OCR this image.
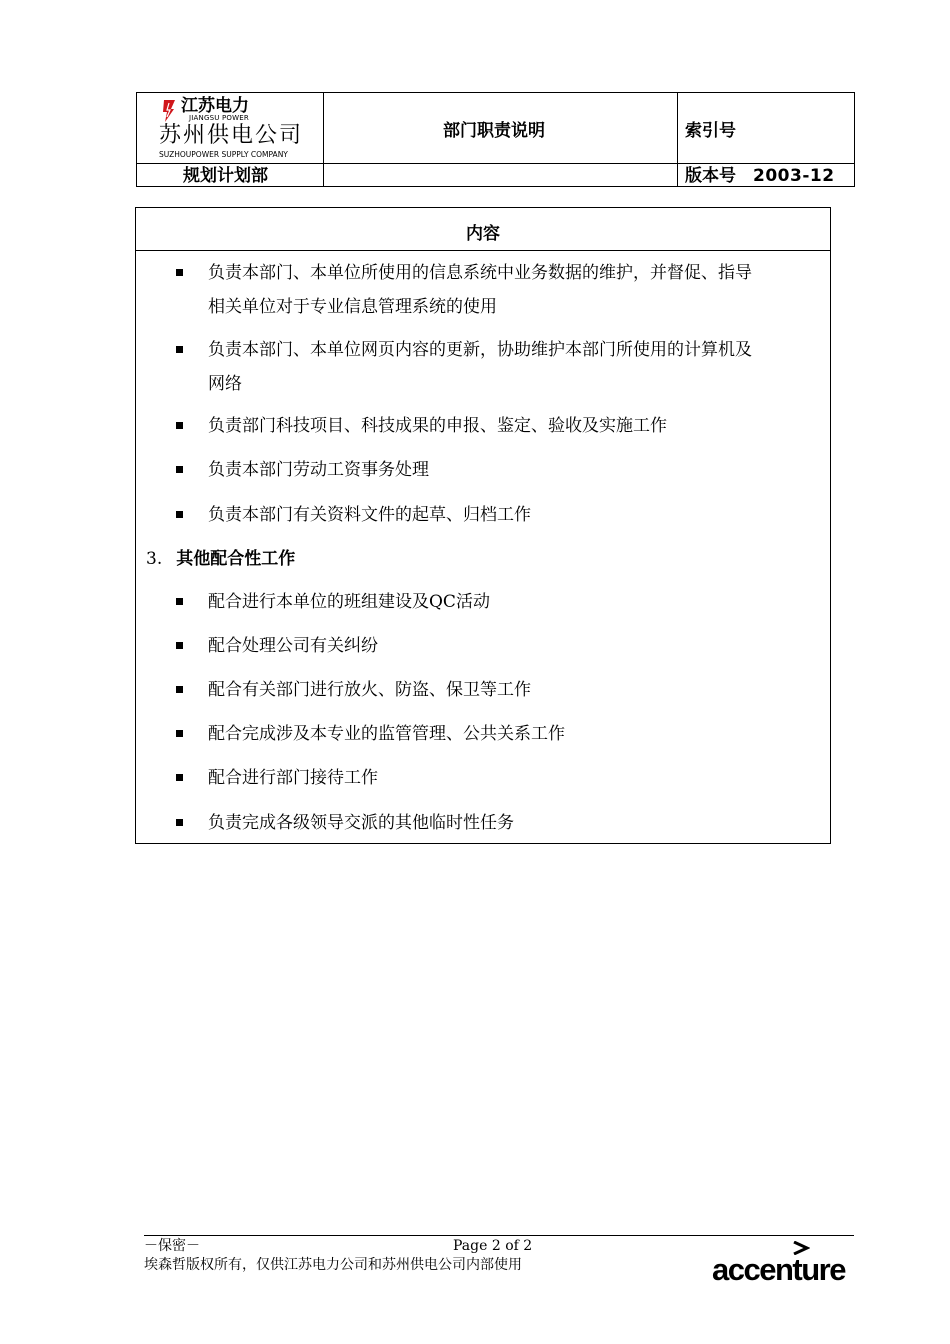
江苏电力
JIANGSU POWER
苏州供电公司
SUZHOUPOWER SUPPLY COMPANY
部门职责说明	索引号
规划计划部	版本号 2003-12
内容
负责本部门、本单位所使用的信息系统中业务数据的维护，并督促、指导
相关单位对于专业信息管理系统的使用
负责本部门、本单位网页内容的更新，协助维护本部门所使用的计算机及
网络
负责部门科技项目、科技成果的申报、鉴定、验收及实施工作
负责本部门劳动工资事务处理
负责本部门有关资料文件的起草、归档工作
3. 其他配合性工作
配合进行本单位的班组建设及QC活动
配合处理公司有关纠纷
配合有关部门进行放火、防盗、保卫等工作
配合完成涉及本专业的监管管理、公共关系工作
配合进行部门接待工作
负责完成各级领导交派的其他临时性任务
－保密－	Page 2 of 2
埃森哲版权所有，仅供江苏电力公司和苏州供电公司内部使用	accenture
